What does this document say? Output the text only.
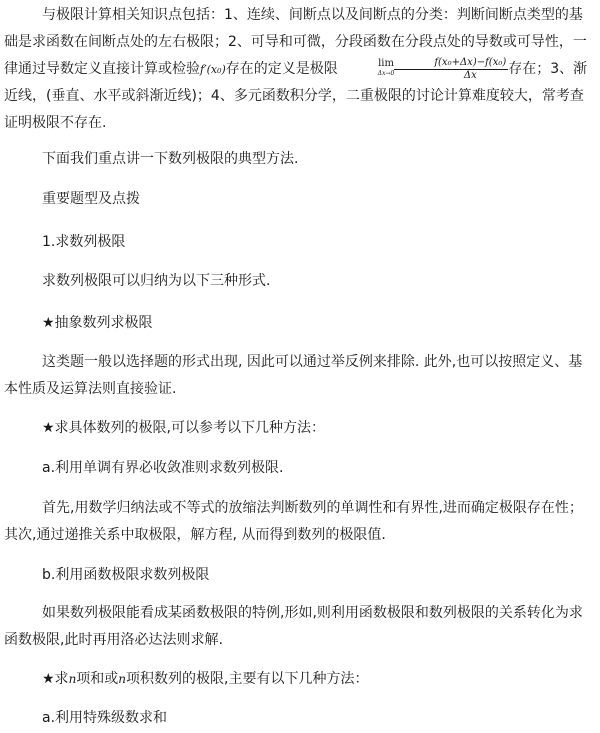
与极限计算相关知识点包括：1、连续、间断点以及间断点的分类：判断间断点类型的基础是求函数在间断点处的左右极限；2、可导和可微，分段函数在分段点处的导数或可导性，一律通过导数定义直接计算或检验f′(x₀)存在的定义是极限	lim
$\Delta x\to 0 \frac{\text{f(x₀+Δx)−f(x₀)}}{\Delta x}$ 存在；3、渐近线，(垂直、水平或斜渐近线)；4、多元函数积分学，二重极限的讨论计算难度较大，常考查证明极限不存在.

下面我们重点讲一下数列极限的典型方法.

重要题型及点拨

1.求数列极限

求数列极限可以归纳为以下三种形式.

★抽象数列求极限

这类题一般以选择题的形式出现, 因此可以通过举反例来排除. 此外,也可以按照定义、基本性质及运算法则直接验证.

★求具体数列的极限,可以参考以下几种方法：

a.利用单调有界必收敛准则求数列极限.

首先,用数学归纳法或不等式的放缩法判断数列的单调性和有界性,进而确定极限存在性；其次,通过递推关系中取极限，解方程, 从而得到数列的极限值.

b.利用函数极限求数列极限

如果数列极限能看成某函数极限的特例,形如,则利用函数极限和数列极限的关系转化为求函数极限,此时再用洛必达法则求解.

★求n项和或n项积数列的极限,主要有以下几种方法：

a.利用特殊级数求和
